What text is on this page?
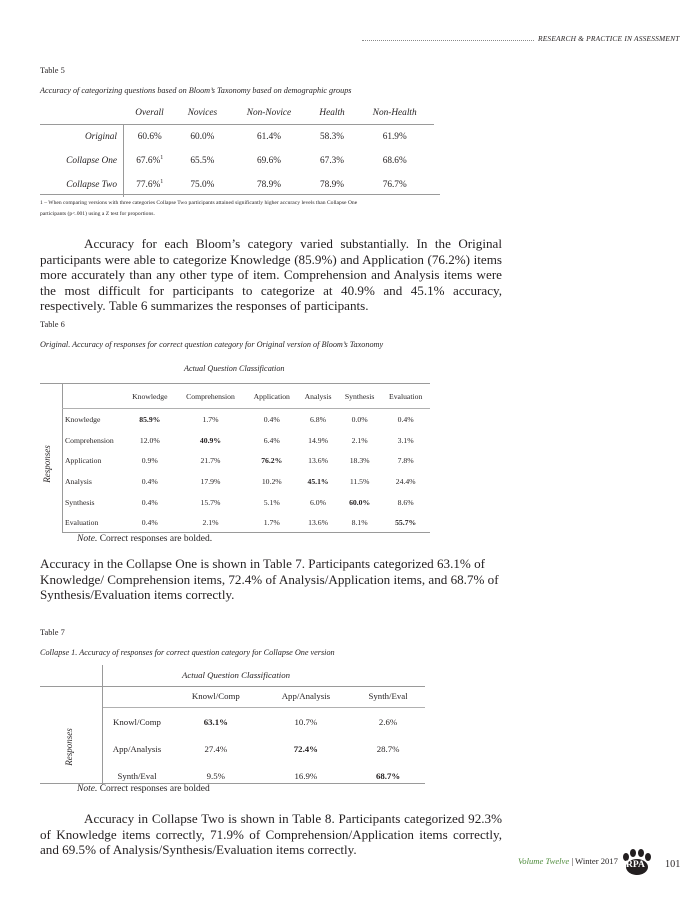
RESEARCH & PRACTICE IN ASSESSMENT
Table 5
Accuracy of categorizing questions based on Bloom’s Taxonomy based on demographic groups
	Overall	Novices	Non-Novice	Health	Non-Health
Original	60.6%	60.0%	61.4%	58.3%	61.9%
Collapse One	67.6%$^1$	65.5%	69.6%	67.3%	68.6%
Collapse Two	77.6%$^1$	75.0%	78.9%	78.9%	76.7%
1 – When comparing versions with three categories Collapse Two participants attained significantly higher accuracy levels than Collapse One
participants (p<.001) using a Z test for proportions.

Accuracy for each Bloom’s category varied substantially. In the Original participants were able to categorize Knowledge (85.9%) and Application (76.2%) items more accurately than any other type of item. Comprehension and Analysis items were the most difficult for participants to categorize at 40.9% and 45.1% accuracy, respectively. Table 6 summarizes the responses of participants.

Table 6
Original. Accuracy of responses for correct question category for Original version of Bloom’s Taxonomy
Actual Question Classification
Responses
	Knowledge	Comprehension	Application	Analysis	Synthesis	Evaluation
Knowledge	85.9%	1.7%	0.4%	6.8%	0.0%	0.4%
Comprehension	12.0%	40.9%	6.4%	14.9%	2.1%	3.1%
Application	0.9%	21.7%	76.2%	13.6%	18.3%	7.8%
Analysis	0.4%	17.9%	10.2%	45.1%	11.5%	24.4%
Synthesis	0.4%	15.7%	5.1%	6.0%	60.0%	8.6%
Evaluation	0.4%	2.1%	1.7%	13.6%	8.1%	55.7%
Note. Correct responses are bolded.

Accuracy in the Collapse One is shown in Table 7. Participants categorized 63.1% of Knowledge/ Comprehension items, 72.4% of Analysis/Application items, and 68.7% of Synthesis/Evaluation items correctly.

Table 7
Collapse 1. Accuracy of responses for correct question category for Collapse One version
Actual Question Classification
Responses
	Knowl/Comp	App/Analysis	Synth/Eval
Knowl/Comp	63.1%	10.7%	2.6%
App/Analysis	27.4%	72.4%	28.7%
Synth/Eval	9.5%	16.9%	68.7%
Note. Correct responses are bolded

Accuracy in Collapse Two is shown in Table 8. Participants categorized 92.3% of Knowledge items correctly, 71.9% of Comprehension/Application items correctly, and 69.5% of Analysis/Synthesis/Evaluation items correctly.

Volume Twelve | Winter 2017 RPA 101
